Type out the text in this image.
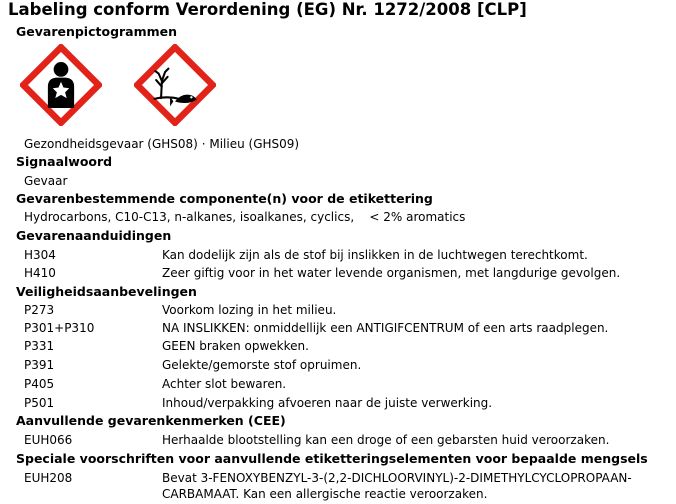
Labeling conform Verordening (EG) Nr. 1272/2008 [CLP]
Gevarenpictogrammen
Gezondheidsgevaar (GHS08) · Milieu (GHS09)
Signaalwoord
Gevaar
Gevarenbestemmende componente(n) voor de etikettering
Hydrocarbons, C10-C13, n-alkanes, isoalkanes, cyclics,    < 2% aromatics
Gevarenaanduidingen
H304	Kan dodelijk zijn als de stof bij inslikken in de luchtwegen terechtkomt.
H410	Zeer giftig voor in het water levende organismen, met langdurige gevolgen.
Veiligheidsaanbevelingen
P273	Voorkom lozing in het milieu.
P301+P310	NA INSLIKKEN: onmiddellijk een ANTIGIFCENTRUM of een arts raadplegen.
P331	GEEN braken opwekken.
P391	Gelekte/gemorste stof opruimen.
P405	Achter slot bewaren.
P501	Inhoud/verpakking afvoeren naar de juiste verwerking.
Aanvullende gevarenkenmerken (CEE)
EUH066	Herhaalde blootstelling kan een droge of een gebarsten huid veroorzaken.
Speciale voorschriften voor aanvullende etiketteringselementen voor bepaalde mengsels
EUH208	Bevat 3-FENOXYBENZYL-3-(2,2-DICHLOORVINYL)-2-DIMETHYLCYCLOPROPAAN-
CARBAMAAT. Kan een allergische reactie veroorzaken.
